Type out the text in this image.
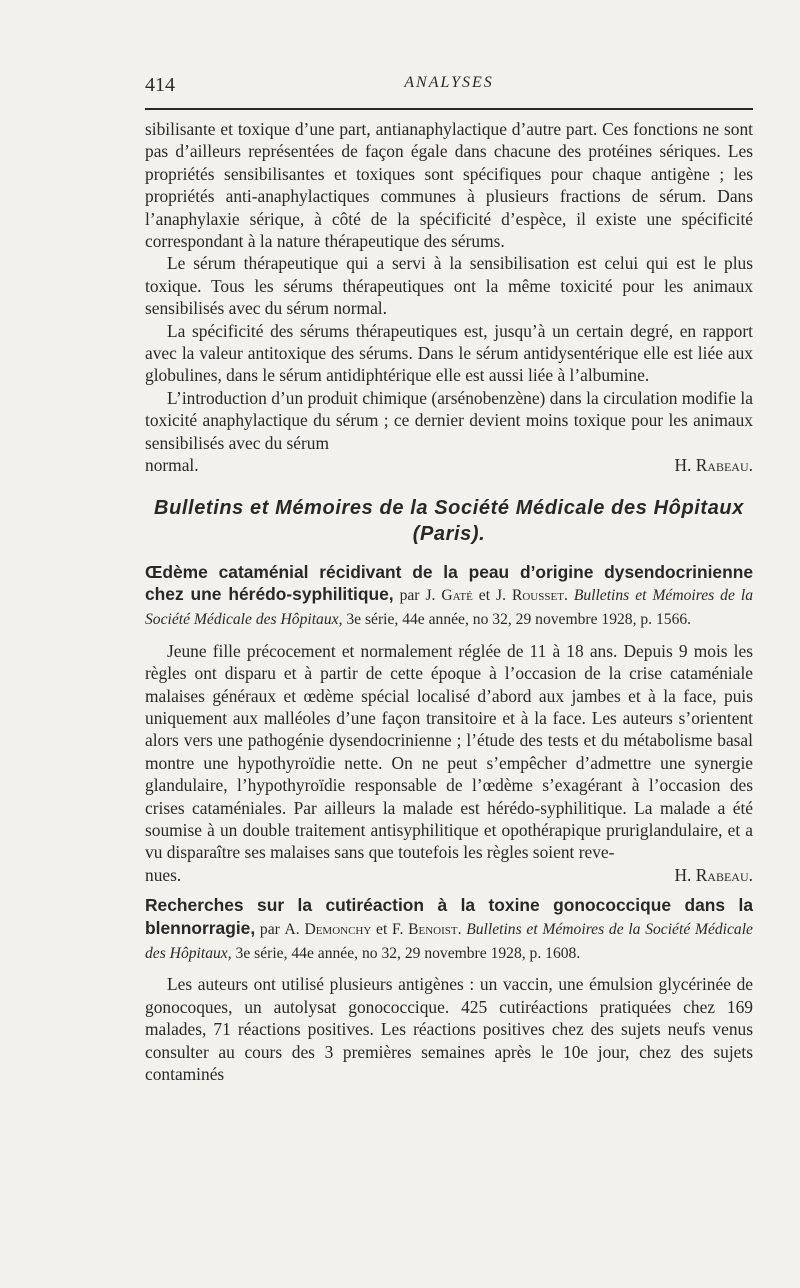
414	ANALYSES

sibilisante et toxique d’une part, antianaphylactique d’autre part. Ces fonctions ne sont pas d’ailleurs représentées de façon égale dans chacune des protéines sériques. Les propriétés sensibilisantes et toxiques sont spécifiques pour chaque antigène ; les propriétés anti-anaphylactiques communes à plusieurs fractions de sérum. Dans l’anaphylaxie sérique, à côté de la spécificité d’espèce, il existe une spécificité correspondant à la nature thérapeutique des sérums.

Le sérum thérapeutique qui a servi à la sensibilisation est celui qui est le plus toxique. Tous les sérums thérapeutiques ont la même toxicité pour les animaux sensibilisés avec du sérum normal.

La spécificité des sérums thérapeutiques est, jusqu’à un certain degré, en rapport avec la valeur antitoxique des sérums. Dans le sérum antidysentérique elle est liée aux globulines, dans le sérum antidiphtérique elle est aussi liée à l’albumine.

L’introduction d’un produit chimique (arsénobenzène) dans la circulation modifie la toxicité anaphylactique du sérum ; ce dernier devient moins toxique pour les animaux sensibilisés avec du sérum

normal.	H. Rabeau.
Bulletins et Mémoires de la Société Médicale des Hôpitaux
(Paris).

Œdème cataménial récidivant de la peau d’origine dysendocrinienne chez une hérédo-syphilitique, par J. Gaté et J. Rousset. Bulletins et Mémoires de la Société Médicale des Hôpitaux, 3e série, 44e année, no 32, 29 novembre 1928, p. 1566.

Jeune fille précocement et normalement réglée de 11 à 18 ans. Depuis 9 mois les règles ont disparu et à partir de cette époque à l’occasion de la crise cataméniale malaises généraux et œdème spécial localisé d’abord aux jambes et à la face, puis uniquement aux malléoles d’une façon transitoire et à la face. Les auteurs s’orientent alors vers une pathogénie dysendocrinienne ; l’étude des tests et du métabolisme basal montre une hypothyroïdie nette. On ne peut s’empêcher d’admettre une synergie glandulaire, l’hypothyroïdie responsable de l’œdème s’exagérant à l’occasion des crises cataméniales. Par ailleurs la malade est hérédo-syphilitique. La malade a été soumise à un double traitement antisyphilitique et opothérapique pruriglandulaire, et a vu disparaître ses malaises sans que toutefois les règles soient reve-

nues.	H. Rabeau.

Recherches sur la cutiréaction à la toxine gonococcique dans la blennorragie, par A. Demonchy et F. Benoist. Bulletins et Mémoires de la Société Médicale des Hôpitaux, 3e série, 44e année, no 32, 29 novembre 1928, p. 1608.

Les auteurs ont utilisé plusieurs antigènes : un vaccin, une émulsion glycérinée de gonocoques, un autolysat gonococcique. 425 cutiréactions pratiquées chez 169 malades, 71 réactions positives. Les réactions positives chez des sujets neufs venus consulter au cours des 3 premières semaines après le 10e jour, chez des sujets contaminés
